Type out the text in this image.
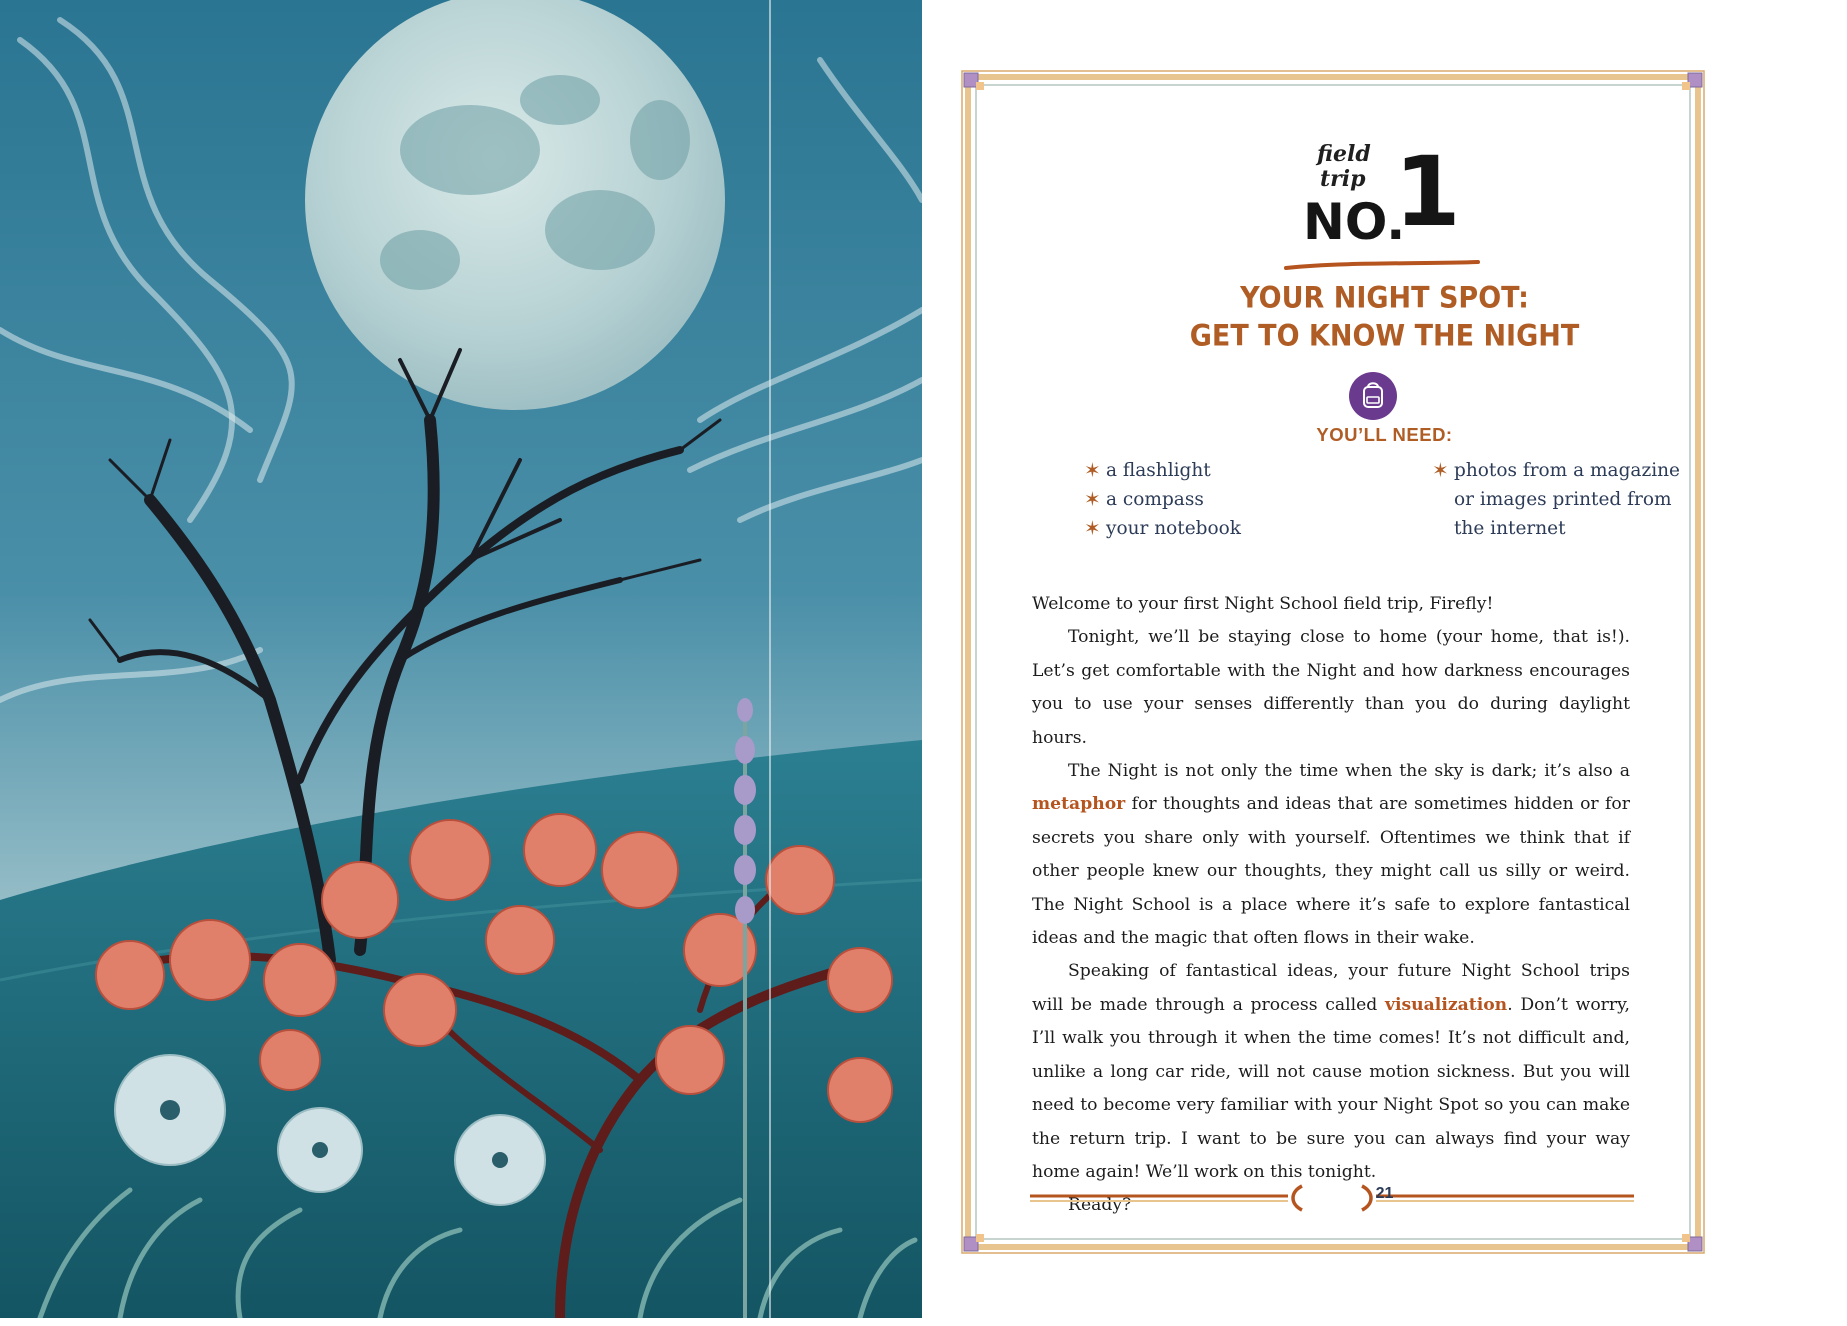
field
trip
NO.
1
YOUR NIGHT SPOT:
GET TO KNOW THE NIGHT
YOU’LL NEED:
✶ a flashlight
✶ a compass
✶ your notebook
✶ photos from a magazine
or images printed from
the internet

Welcome to your first Night School field trip, Firefly!

Tonight, we’ll be staying close to home (your home, that is!). Let’s get comfortable with the Night and how darkness encourages you to use your senses differently than you do during daylight hours.

The Night is not only the time when the sky is dark; it’s also a metaphor for thoughts and ideas that are sometimes hidden or for secrets you share only with yourself. Oftentimes we think that if other people knew our thoughts, they might call us silly or weird. The Night School is a place where it’s safe to explore fantastical ideas and the magic that often flows in their wake.

Speaking of fantastical ideas, your future Night School trips will be made through a process called visualization. Don’t worry, I’ll walk you through it when the time comes! It’s not difficult and, unlike a long car ride, will not cause motion sickness. But you will need to become very familiar with your Night Spot so you can make the return trip. I want to be sure you can always find your way home again! We’ll work on this tonight.

Ready?

21
